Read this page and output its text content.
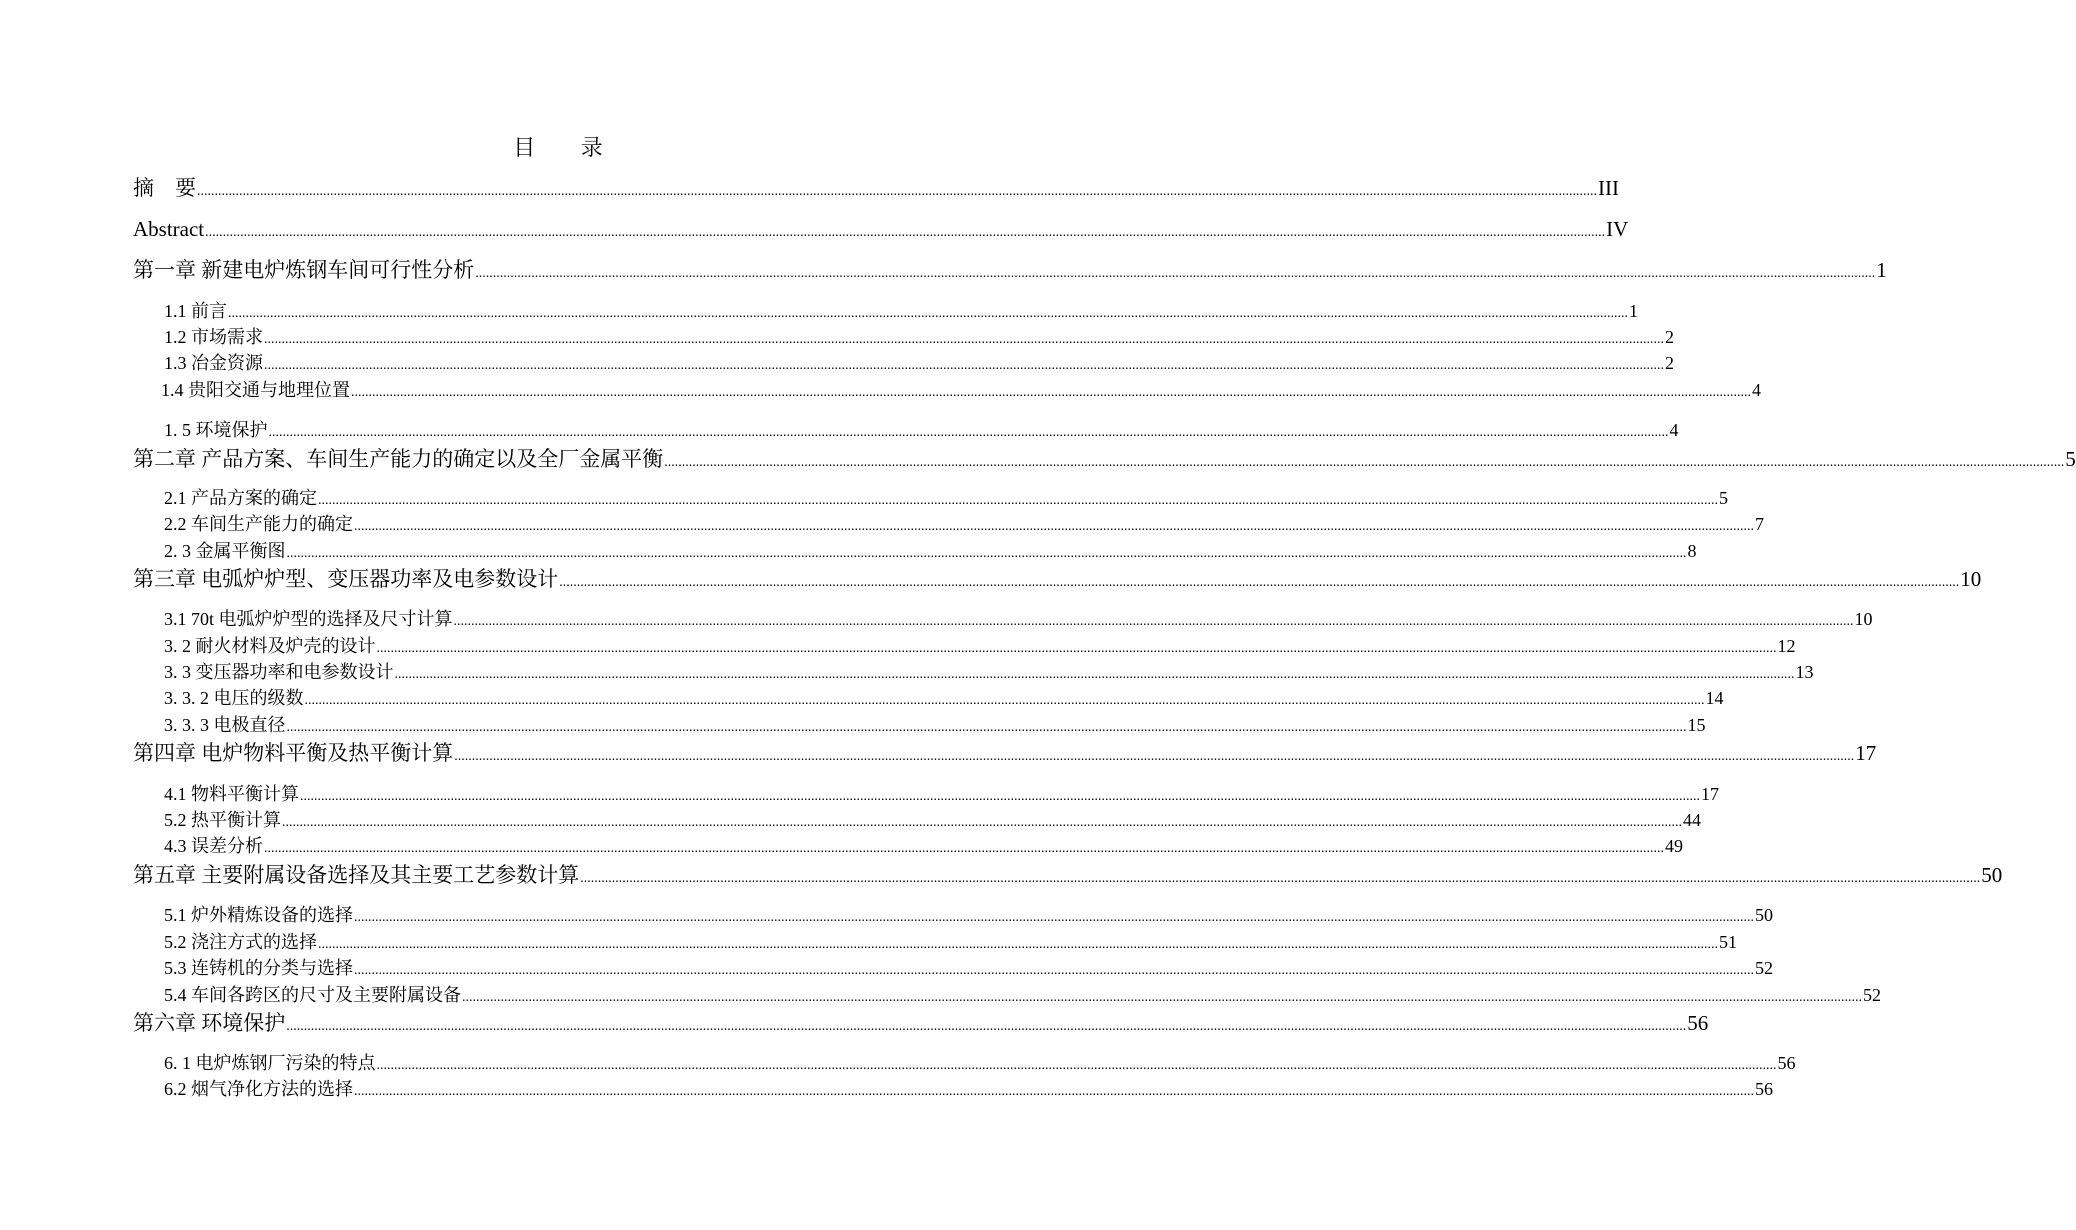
目 录
摘　要 ................................................................................................................................................................................................................................................................................................................................................................................................................ III
Abstract ................................................................................................................................................................................................................................................................................................................................................................................................................ IV
第一章 新建电炉炼钢车间可行性分析 ................................................................................................................................................................................................................................................................................................................................................................................................................ 1
1.1 前言 ................................................................................................................................................................................................................................................................................................................................................................................................................ 1
1.2 市场需求 ................................................................................................................................................................................................................................................................................................................................................................................................................ 2
1.3 冶金资源 ................................................................................................................................................................................................................................................................................................................................................................................................................ 2
1.4 贵阳交通与地理位置 ................................................................................................................................................................................................................................................................................................................................................................................................................ 4
1. 5 环境保护 ................................................................................................................................................................................................................................................................................................................................................................................................................ 4
第二章 产品方案、车间生产能力的确定以及全厂金属平衡 ................................................................................................................................................................................................................................................................................................................................................................................................................ 5
2.1 产品方案的确定 ................................................................................................................................................................................................................................................................................................................................................................................................................ 5
2.2 车间生产能力的确定 ................................................................................................................................................................................................................................................................................................................................................................................................................ 7
2. 3 金属平衡图 ................................................................................................................................................................................................................................................................................................................................................................................................................ 8
第三章 电弧炉炉型、变压器功率及电参数设计 ................................................................................................................................................................................................................................................................................................................................................................................................................ 10
3.1 70t 电弧炉炉型的选择及尺寸计算 ................................................................................................................................................................................................................................................................................................................................................................................................................ 10
3. 2 耐火材料及炉壳的设计 ................................................................................................................................................................................................................................................................................................................................................................................................................ 12
3. 3 变压器功率和电参数设计 ................................................................................................................................................................................................................................................................................................................................................................................................................ 13
3. 3. 2 电压的级数 ................................................................................................................................................................................................................................................................................................................................................................................................................ 14
3. 3. 3 电极直径 ................................................................................................................................................................................................................................................................................................................................................................................................................ 15
第四章 电炉物料平衡及热平衡计算 ................................................................................................................................................................................................................................................................................................................................................................................................................ 17
4.1 物料平衡计算 ................................................................................................................................................................................................................................................................................................................................................................................................................ 17
5.2 热平衡计算 ................................................................................................................................................................................................................................................................................................................................................................................................................ 44
4.3 误差分析 ................................................................................................................................................................................................................................................................................................................................................................................................................ 49
第五章 主要附属设备选择及其主要工艺参数计算 ................................................................................................................................................................................................................................................................................................................................................................................................................ 50
5.1 炉外精炼设备的选择 ................................................................................................................................................................................................................................................................................................................................................................................................................ 50
5.2 浇注方式的选择 ................................................................................................................................................................................................................................................................................................................................................................................................................ 51
5.3 连铸机的分类与选择 ................................................................................................................................................................................................................................................................................................................................................................................................................ 52
5.4 车间各跨区的尺寸及主要附属设备 ................................................................................................................................................................................................................................................................................................................................................................................................................ 52
第六章 环境保护 ................................................................................................................................................................................................................................................................................................................................................................................................................ 56
6. 1 电炉炼钢厂污染的特点 ................................................................................................................................................................................................................................................................................................................................................................................................................ 56
6.2 烟气净化方法的选择 ................................................................................................................................................................................................................................................................................................................................................................................................................ 56
